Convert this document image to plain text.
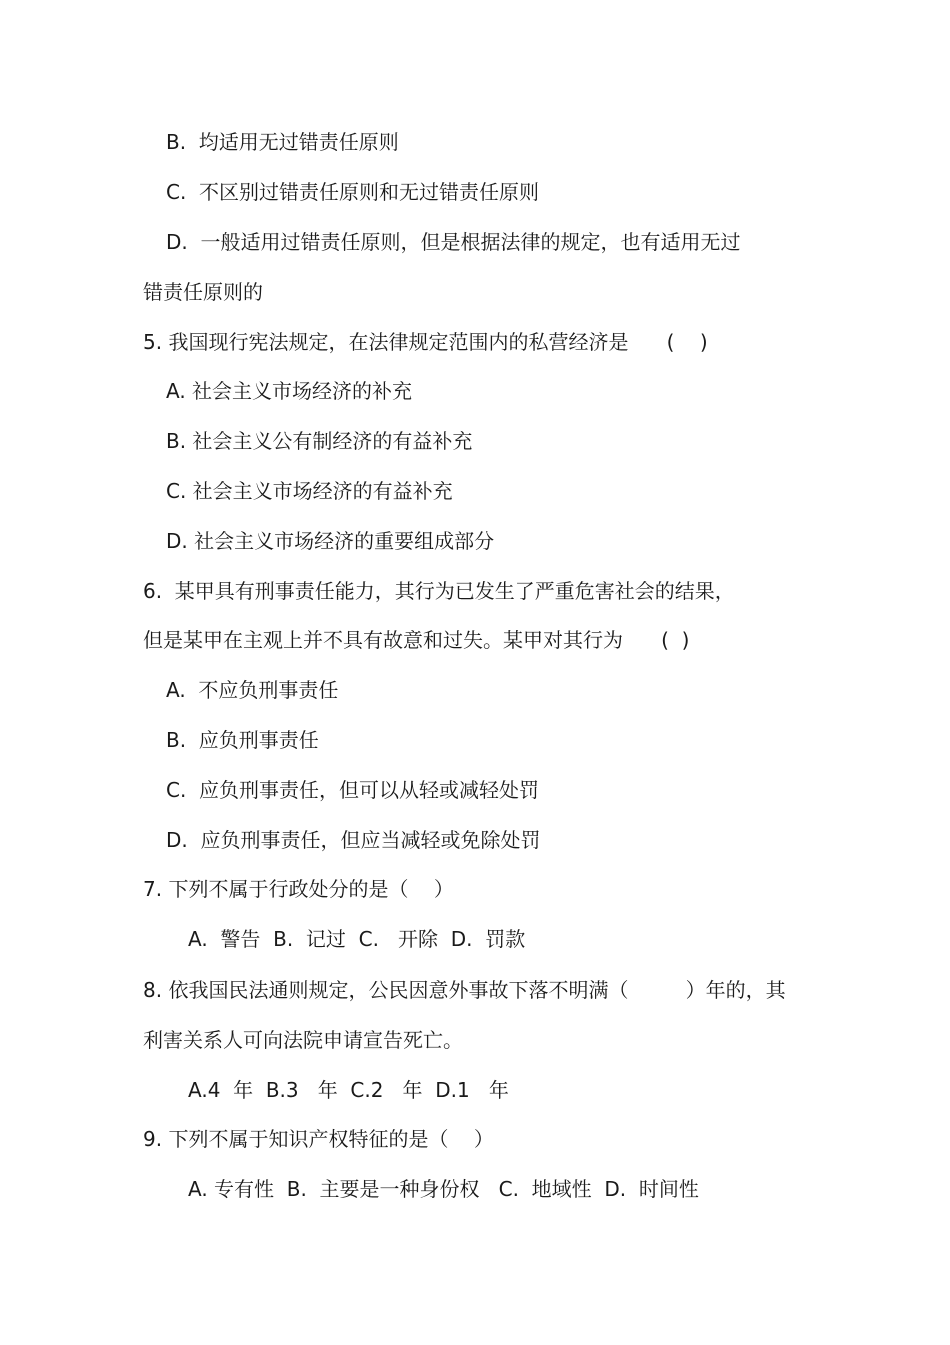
B.  均适用无过错责任原则

C.  不区别过错责任原则和无过错责任原则

D.  一般适用过错责任原则，但是根据法律的规定，也有适用无过

错责任原则的

5. 我国现行宪法规定，在法律规定范围内的私营经济是      (    )

A. 社会主义市场经济的补充

B. 社会主义公有制经济的有益补充

C. 社会主义市场经济的有益补充

D. 社会主义市场经济的重要组成部分

6.  某甲具有刑事责任能力，其行为已发生了严重危害社会的结果，

但是某甲在主观上并不具有故意和过失。某甲对其行为      (  )

A.  不应负刑事责任

B.  应负刑事责任

C.  应负刑事责任，但可以从轻或减轻处罚

D.  应负刑事责任，但应当减轻或免除处罚

7. 下列不属于行政处分的是（    ）

A.  警告  B.  记过  C.   开除  D.  罚款

8. 依我国民法通则规定，公民因意外事故下落不明满（         ）年的，其

利害关系人可向法院申请宣告死亡。

A.4  年  B.3   年  C.2   年  D.1   年

9. 下列不属于知识产权特征的是（    ）

A. 专有性  B.  主要是一种身份权   C.  地域性  D.  时间性
